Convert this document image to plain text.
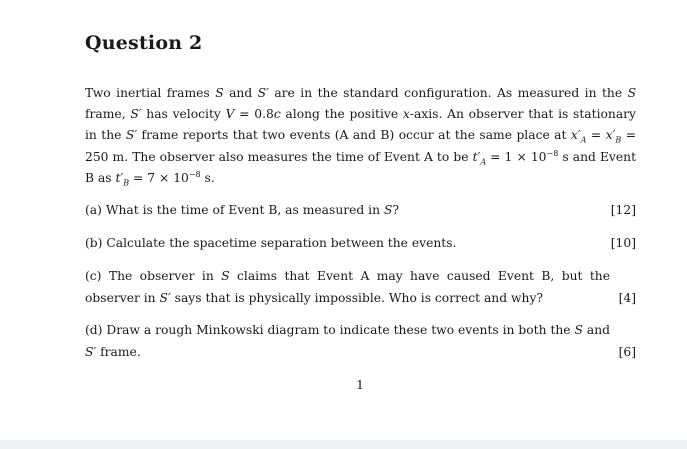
Question 2

Two inertial frames S and S′ are in the standard configuration. As measured in the S frame, S′ has velocity V = 0.8c along the positive x-axis. An observer that is stationary in the S′ frame reports that two events (A and B) occur at the same place at $x'_A = x'_B = 250$ m. The observer also measures the time of Event A to be $t'_A = 1 \times 10^{-8}$ s and Event B as $t'_B = 7 \times 10^{-8}$ s.

(a) What is the time of Event B, as measured in S?	[12]
(b) Calculate the spacetime separation between the events.	[10]
(c) The observer in S claims that Event A may have caused Event B, but the observer in S′ says that is physically impossible. Who is correct and why?	[4]
(d) Draw a rough Minkowski diagram to indicate these two events in both the S and S′ frame.	[6]
1
